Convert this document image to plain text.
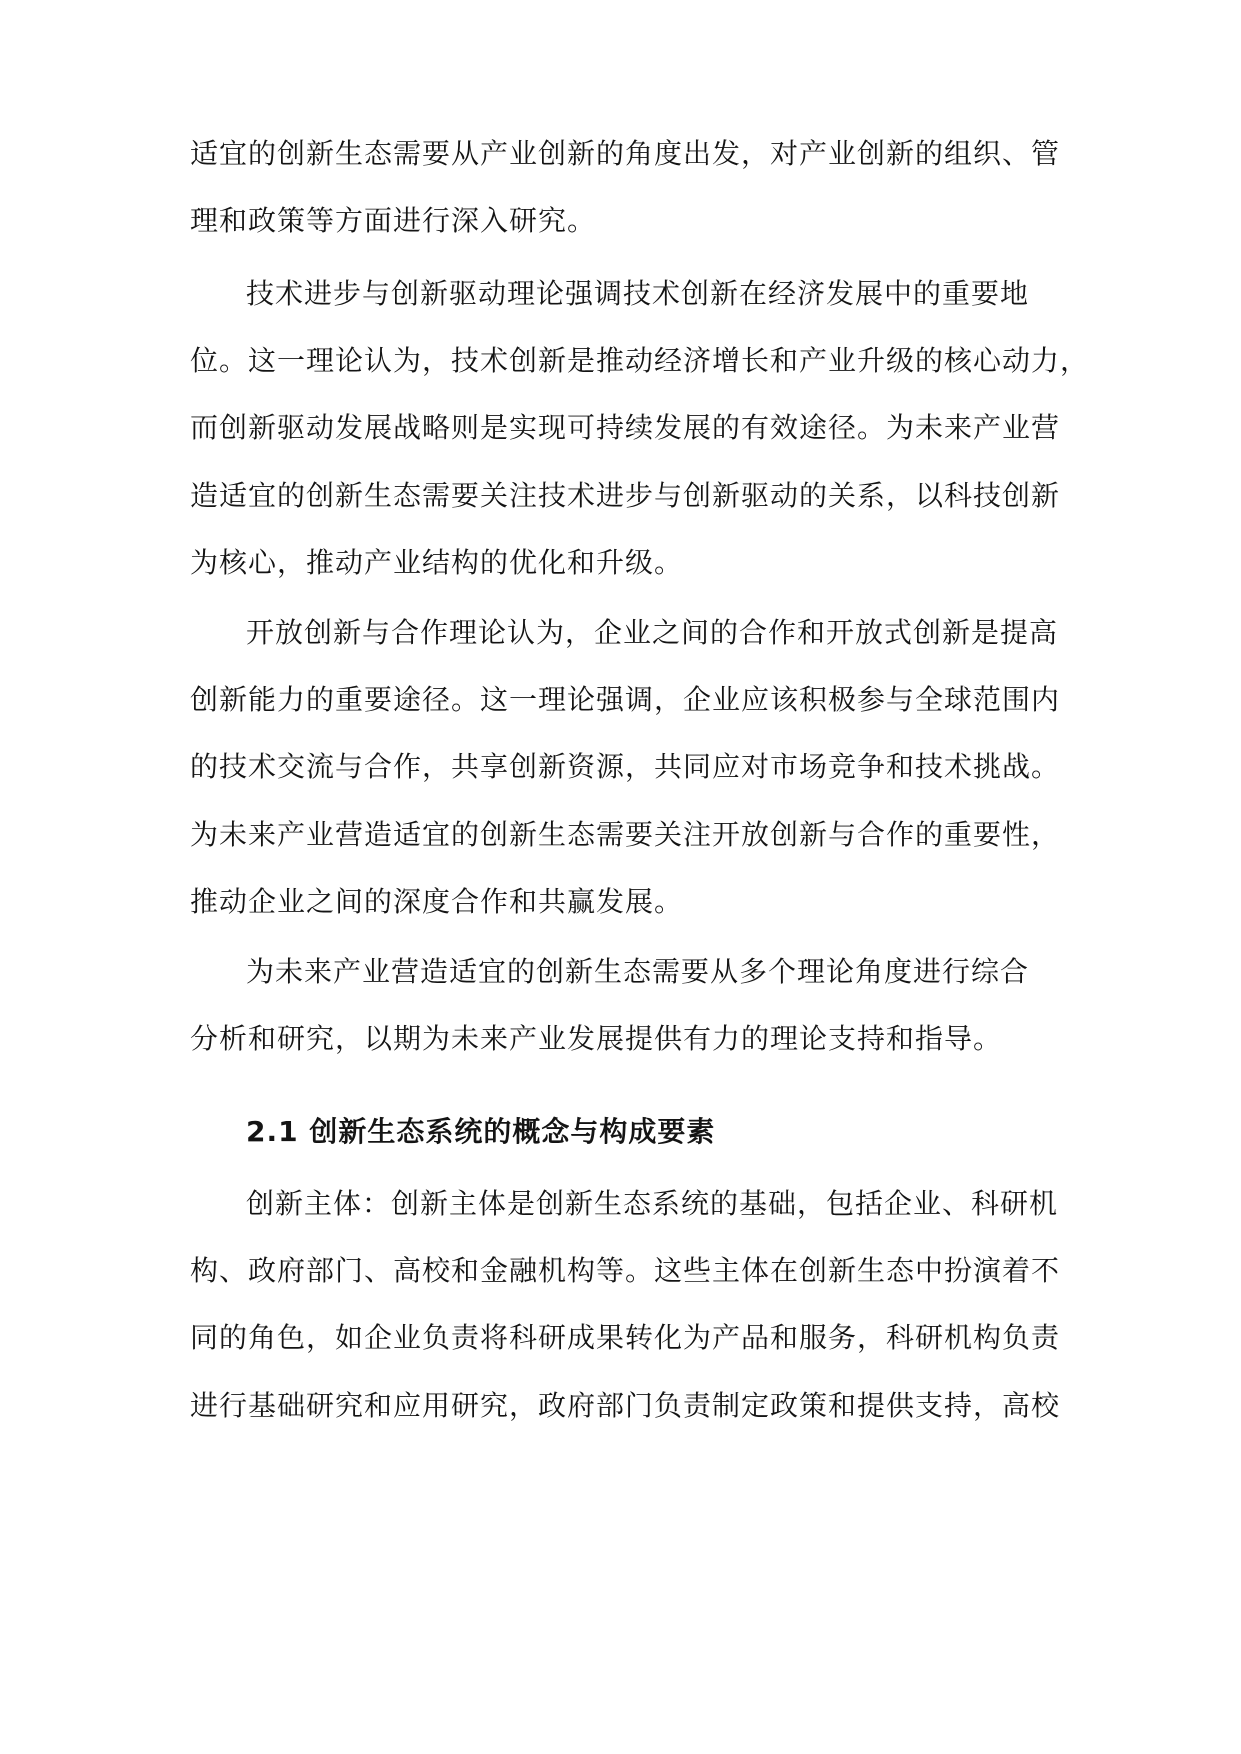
适宜的创新生态需要从产业创新的角度出发，对产业创新的组织、管
理和政策等方面进行深入研究。
技术进步与创新驱动理论强调技术创新在经济发展中的重要地
位。这一理论认为，技术创新是推动经济增长和产业升级的核心动力，
而创新驱动发展战略则是实现可持续发展的有效途径。为未来产业营
造适宜的创新生态需要关注技术进步与创新驱动的关系，以科技创新
为核心，推动产业结构的优化和升级。
开放创新与合作理论认为，企业之间的合作和开放式创新是提高
创新能力的重要途径。这一理论强调，企业应该积极参与全球范围内
的技术交流与合作，共享创新资源，共同应对市场竞争和技术挑战。
为未来产业营造适宜的创新生态需要关注开放创新与合作的重要性，
推动企业之间的深度合作和共赢发展。
为未来产业营造适宜的创新生态需要从多个理论角度进行综合
分析和研究，以期为未来产业发展提供有力的理论支持和指导。
2.1 创新生态系统的概念与构成要素
创新主体：创新主体是创新生态系统的基础，包括企业、科研机
构、政府部门、高校和金融机构等。这些主体在创新生态中扮演着不
同的角色，如企业负责将科研成果转化为产品和服务，科研机构负责
进行基础研究和应用研究，政府部门负责制定政策和提供支持，高校
